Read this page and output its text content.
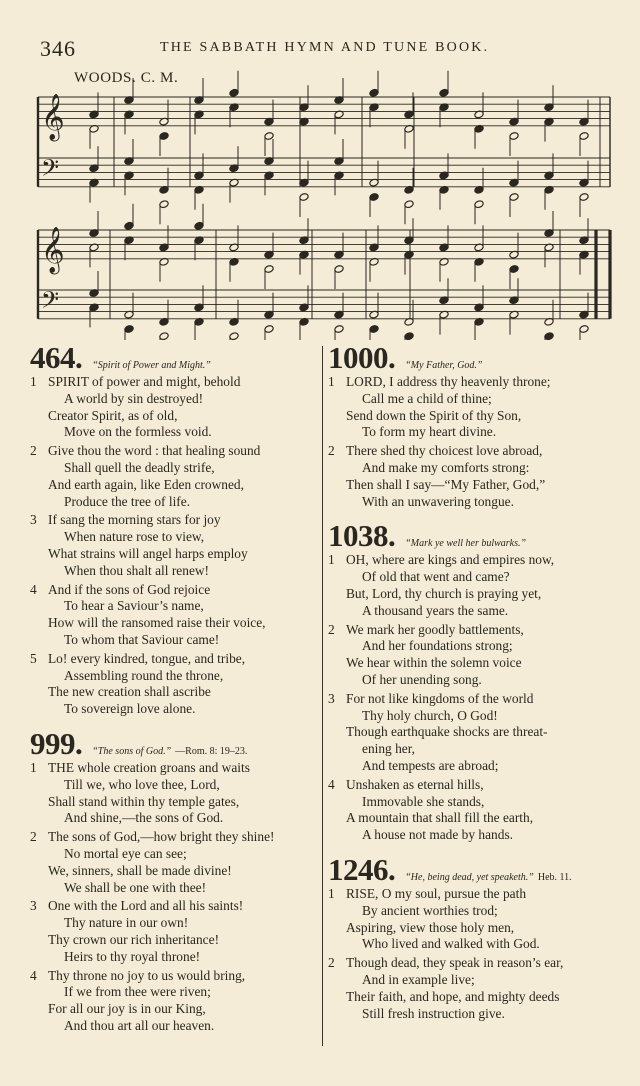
346	THE SABBATH HYMN AND TUNE BOOK.
WOODS. C. M.
𝄞
𝄢
𝄞
𝄢
464. “Spirit of Power and Might.”
1 SPIRIT of power and might, behold
A world by sin destroyed!
Creator Spirit, as of old,
Move on the formless void.
2 Give thou the word : that healing sound
Shall quell the deadly strife,
And earth again, like Eden crowned,
Produce the tree of life.
3 If sang the morning stars for joy
When nature rose to view,
What strains will angel harps employ
When thou shalt all renew!
4 And if the sons of God rejoice
To hear a Saviour’s name,
How will the ransomed raise their voice,
To whom that Saviour came!
5 Lo! every kindred, tongue, and tribe,
Assembling round the throne,
The new creation shall ascribe
To sovereign love alone.
999. “The sons of God.” —Rom. 8: 19–23.
1 THE whole creation groans and waits
Till we, who love thee, Lord,
Shall stand within thy temple gates,
And shine,—the sons of God.
2 The sons of God,—how bright they shine!
No mortal eye can see;
We, sinners, shall be made divine!
We shall be one with thee!
3 One with the Lord and all his saints!
Thy nature in our own!
Thy crown our rich inheritance!
Heirs to thy royal throne!
4 Thy throne no joy to us would bring,
If we from thee were riven;
For all our joy is in our King,
And thou art all our heaven.
1000. “My Father, God.”
1 LORD, I address thy heavenly throne;
Call me a child of thine;
Send down the Spirit of thy Son,
To form my heart divine.
2 There shed thy choicest love abroad,
And make my comforts strong:
Then shall I say—“My Father, God,”
With an unwavering tongue.
1038. “Mark ye well her bulwarks.”
1 OH, where are kings and empires now,
Of old that went and came?
But, Lord, thy church is praying yet,
A thousand years the same.
2 We mark her goodly battlements,
And her foundations strong;
We hear within the solemn voice
Of her unending song.
3 For not like kingdoms of the world
Thy holy church, O God!
Though earthquake shocks are threat-
ening her,
And tempests are abroad;
4 Unshaken as eternal hills,
Immovable she stands,
A mountain that shall fill the earth,
A house not made by hands.
1246. “He, being dead, yet speaketh.” Heb. 11.
1 RISE, O my soul, pursue the path
By ancient worthies trod;
Aspiring, view those holy men,
Who lived and walked with God.
2 Though dead, they speak in reason’s ear,
And in example live;
Their faith, and hope, and mighty deeds
Still fresh instruction give.
